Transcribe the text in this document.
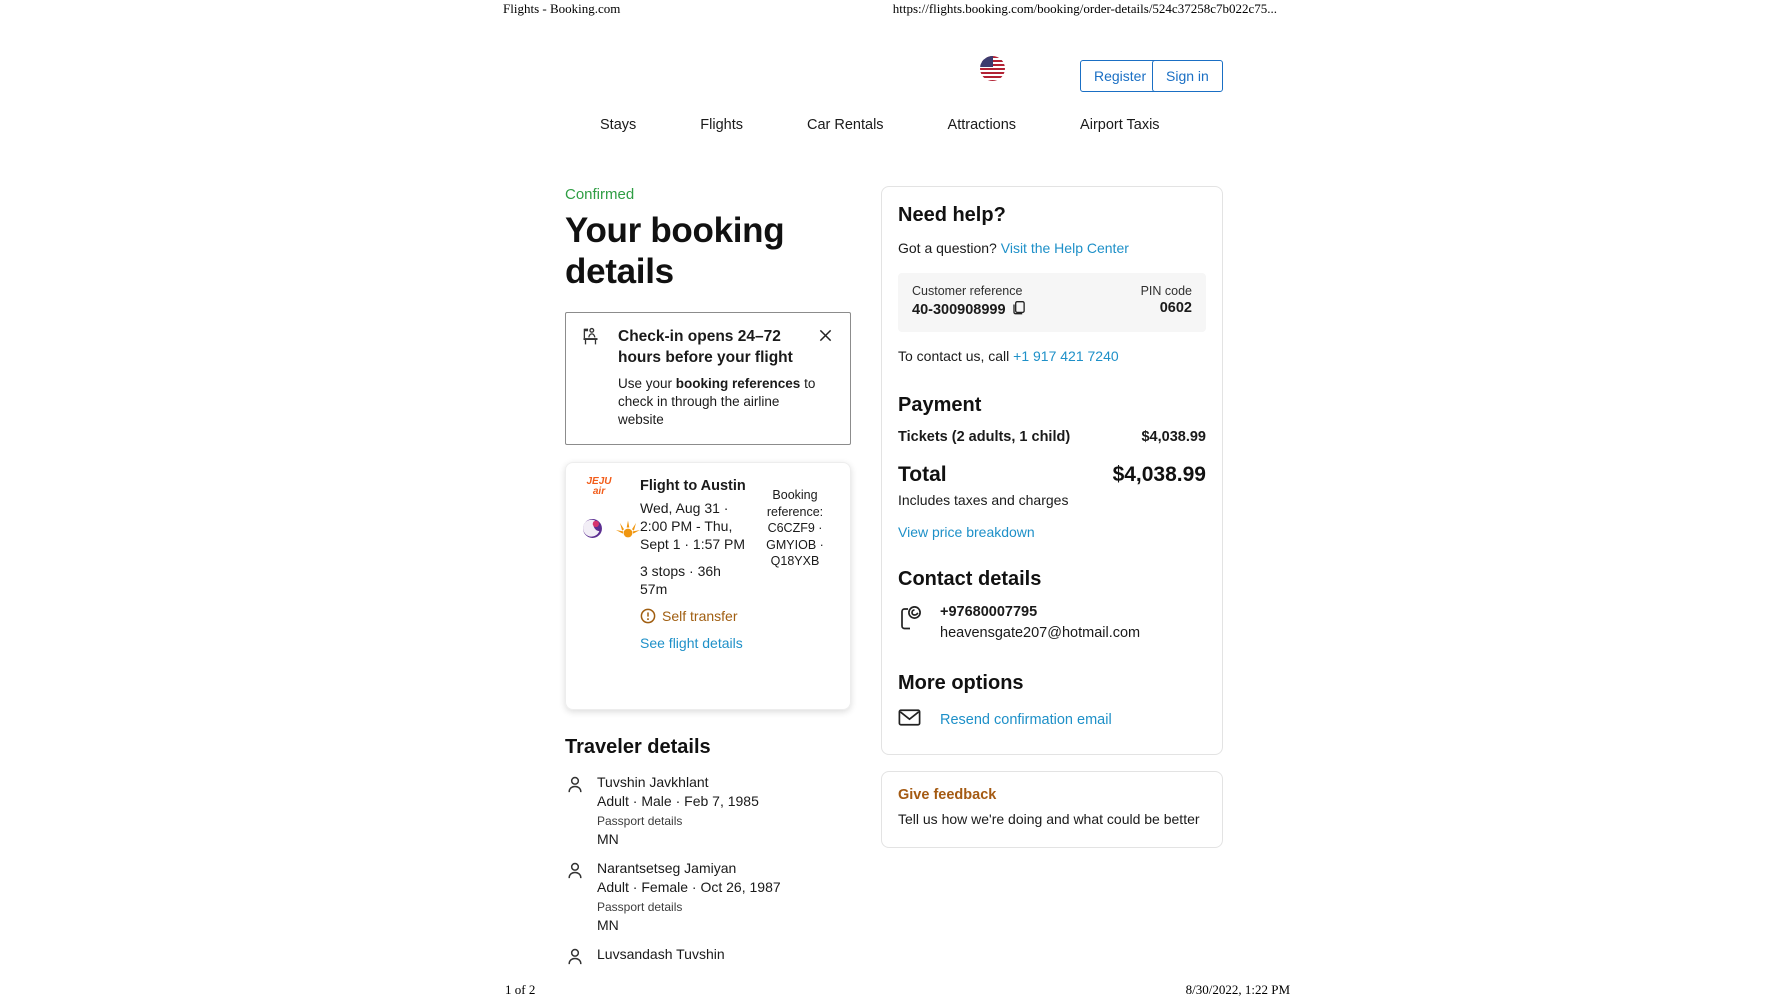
Flights - Booking.com	https://flights.booking.com/booking/order-details/524c37258c7b022c75...
Register	Sign in
Stays	Flights	Car Rentals	Attractions	Airport Taxis
Confirmed
Your booking details
Check-in opens 24–72 hours before your flight
Use your booking references to check in through the airline website
JEJU
air	Flight to Austin
Wed, Aug 31 · 2:00 PM - Thu, Sept 1 · 1:57 PM
3 stops · 36h 57m
Self transfer
See flight details
Booking reference: C6CZF9 · GMYIOB · Q18YXB
Traveler details
Tuvshin Javkhlant
Adult · Male · Feb 7, 1985
Passport details
MN
Narantsetseg Jamiyan
Adult · Female · Oct 26, 1987
Passport details
MN
Luvsandash Tuvshin
Need help?
Got a question? Visit the Help Center
Customer reference
40-300908999
PIN code
0602
To contact us, call +1 917 421 7240
Payment
Tickets (2 adults, 1 child)	$4,038.99
Total	$4,038.99
Includes taxes and charges
View price breakdown
Contact details
+97680007795
heavensgate207@hotmail.com
More options
Resend confirmation email
Give feedback
Tell us how we're doing and what could be better
1 of 2	8/30/2022, 1:22 PM
